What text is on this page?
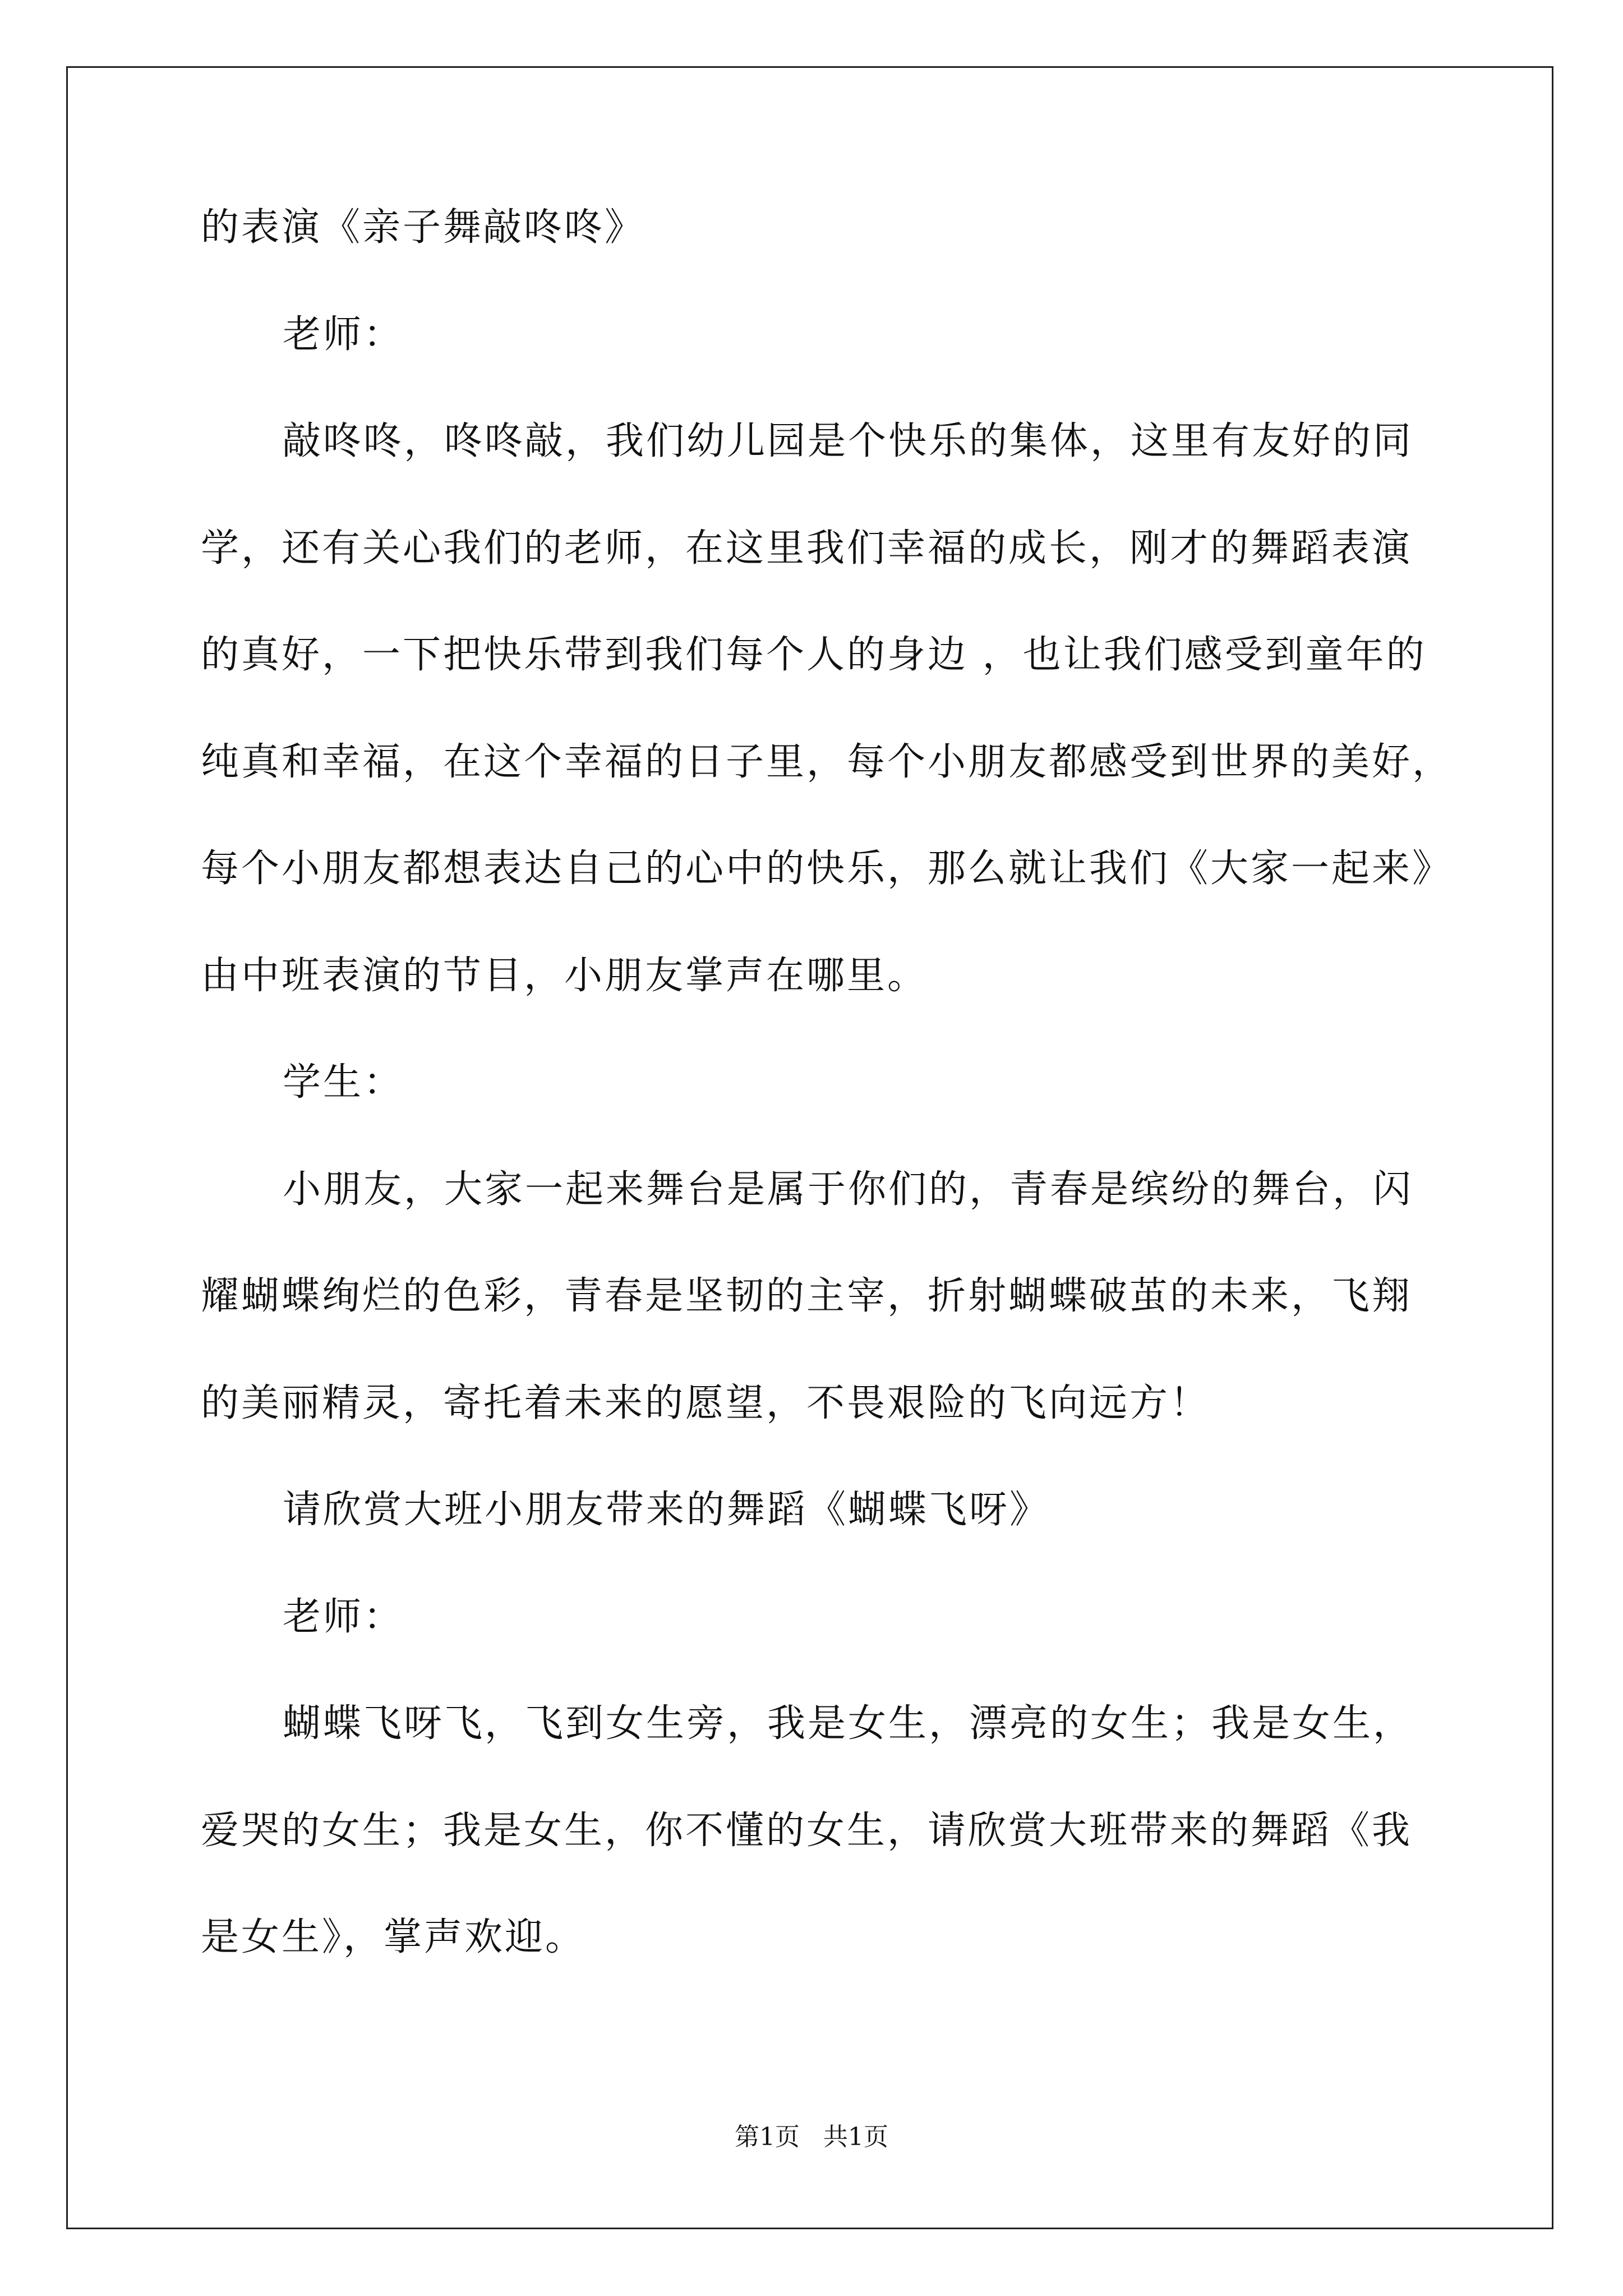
的表演《亲子舞敲咚咚》
老师：
敲咚咚，咚咚敲，我们幼儿园是个快乐的集体，这里有友好的同
学，还有关心我们的老师，在这里我们幸福的成长，刚才的舞蹈表演
的真好，一下把快乐带到我们每个人的身边 ，也让我们感受到童年的
纯真和幸福，在这个幸福的日子里，每个小朋友都感受到世界的美好，
每个小朋友都想表达自己的心中的快乐，那么就让我们《大家一起来》
由中班表演的节目，小朋友掌声在哪里。
学生：
小朋友，大家一起来舞台是属于你们的，青春是缤纷的舞台，闪
耀蝴蝶绚烂的色彩，青春是坚韧的主宰，折射蝴蝶破茧的未来，飞翔
的美丽精灵，寄托着未来的愿望，不畏艰险的飞向远方！
请欣赏大班小朋友带来的舞蹈《蝴蝶飞呀》
老师：
蝴蝶飞呀飞，飞到女生旁，我是女生，漂亮的女生；我是女生，
爱哭的女生；我是女生，你不懂的女生，请欣赏大班带来的舞蹈《我
是女生》，掌声欢迎。
第1页   共1页
